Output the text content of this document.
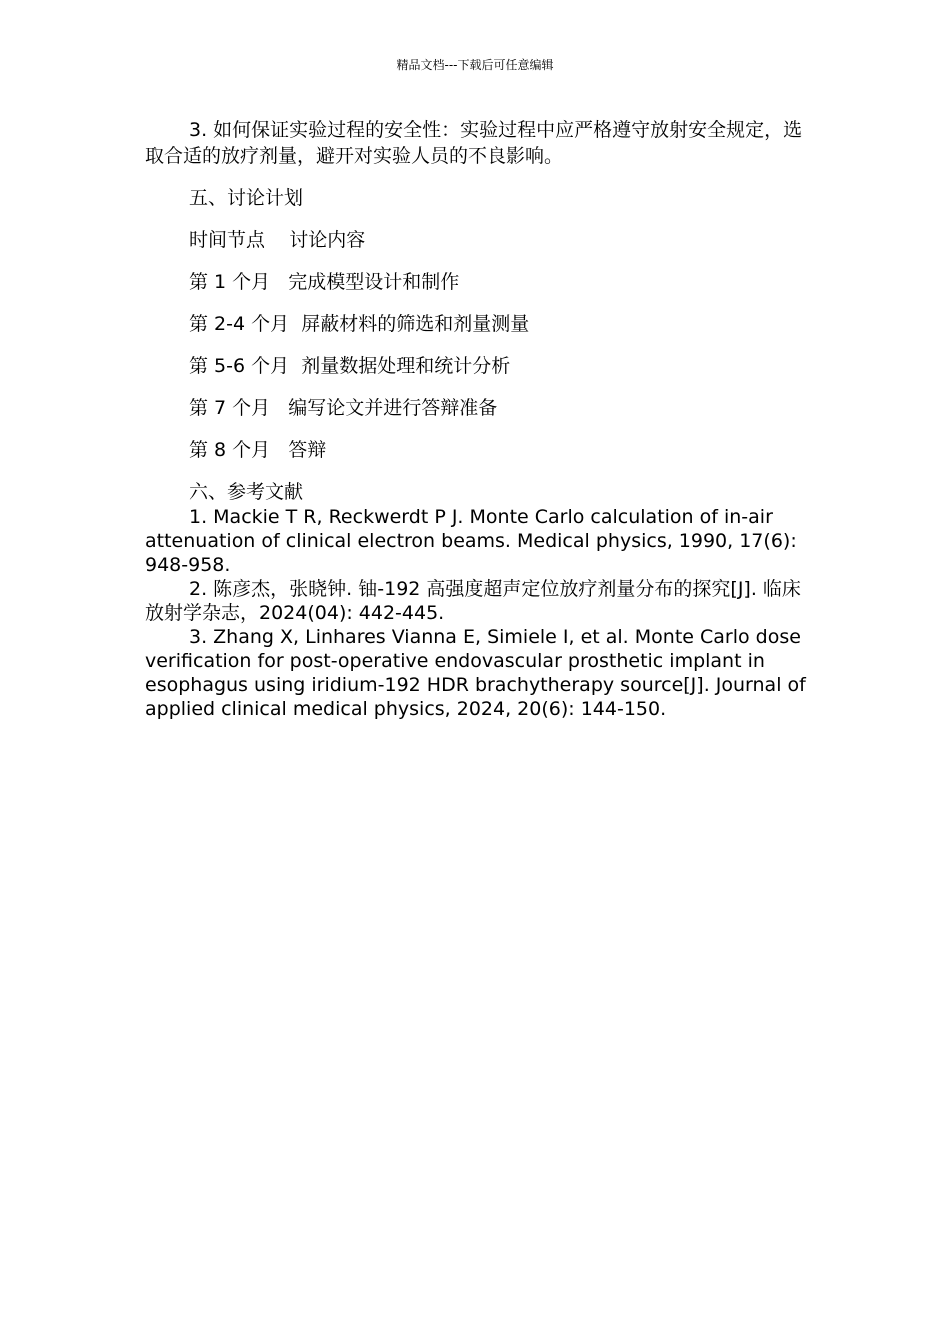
精品文档---下载后可任意编辑

3. 如何保证实验过程的安全性：实验过程中应严格遵守放射安全规定，选取合适的放疗剂量，避开对实验人员的不良影响。

五、讨论计划

时间节点 讨论内容

第 1 个月 完成模型设计和制作

第 2-4 个月 屏蔽材料的筛选和剂量测量

第 5-6 个月 剂量数据处理和统计分析

第 7 个月 编写论文并进行答辩准备

第 8 个月 答辩

六、参考文献

1. Mackie T R, Reckwerdt P J. Monte Carlo calculation of in-air attenuation of clinical electron beams. Medical physics, 1990, 17(6): 948-958.

2. 陈彦杰，张晓钟. 铀-192 高强度超声定位放疗剂量分布的探究[J]. 临床放射学杂志，2024(04): 442-445.

3. Zhang X, Linhares Vianna E, Simiele I, et al. Monte Carlo dose verification for post-operative endovascular prosthetic implant in esophagus using iridium-192 HDR brachytherapy source[J]. Journal of applied clinical medical physics, 2024, 20(6): 144-150.
